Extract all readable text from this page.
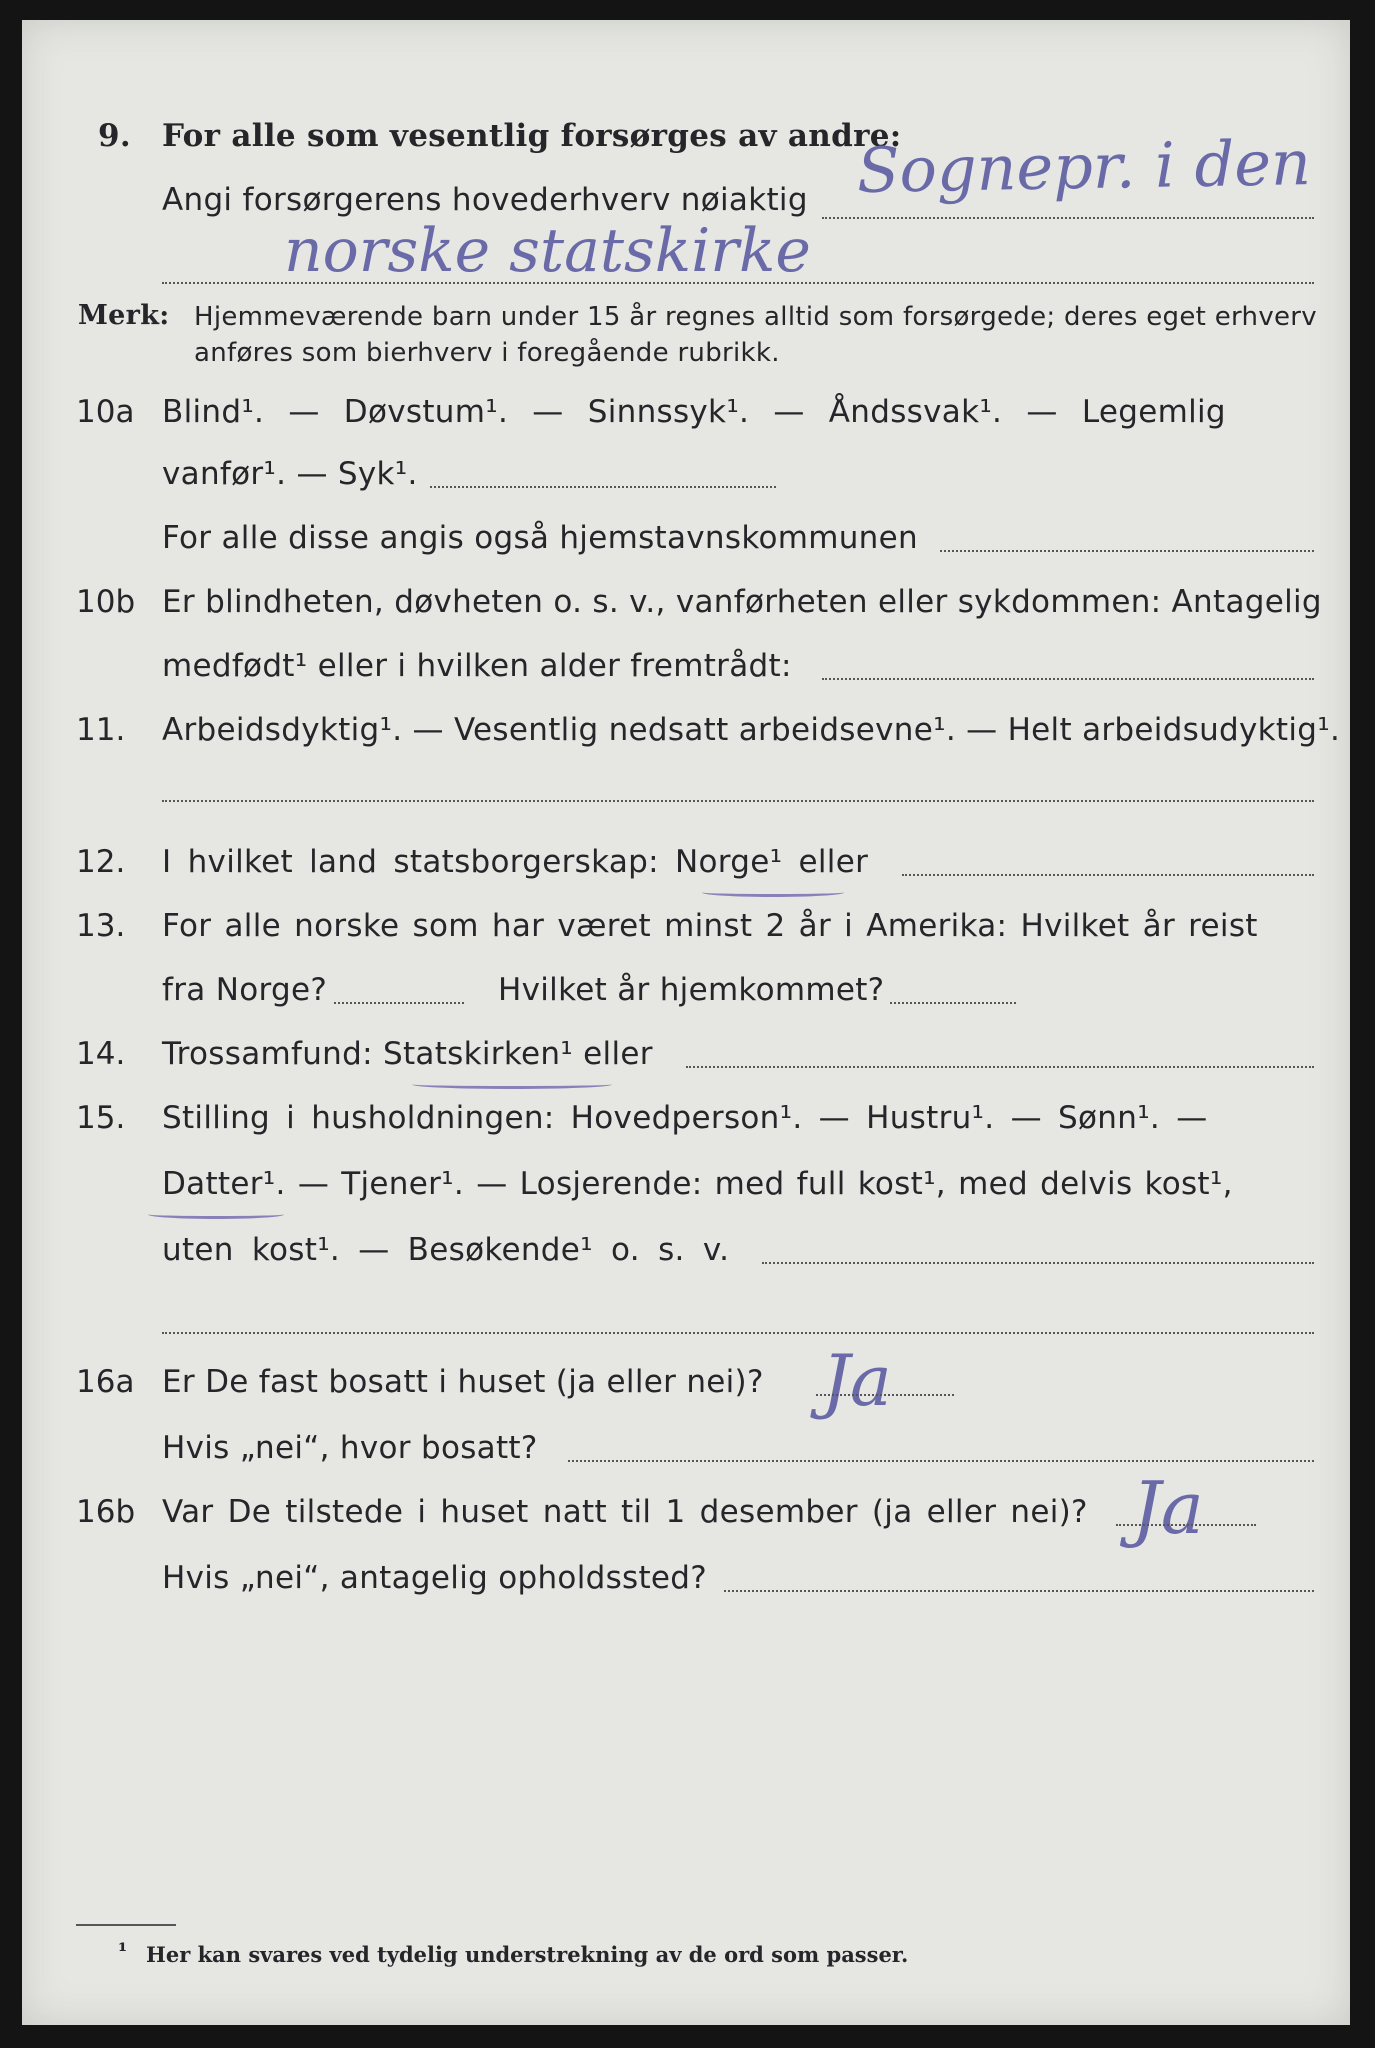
9. For alle som vesentlig forsørges av andre:
Sognepr. i den
Angi forsørgerens hovederhverv nøiaktig
norske statskirke
Merk: Hjemmeværende barn under 15 år regnes alltid som forsørgede; deres eget erhverv
anføres som bierhverv i foregående rubrikk.
10a Blind¹. — Døvstum¹. — Sinnssyk¹. — Åndssvak¹. — Legemlig
vanfør¹. — Syk¹.
For alle disse angis også hjemstavnskommunen
10b Er blindheten, døvheten o. s. v., vanførheten eller sykdommen: Antagelig
medfødt¹ eller i hvilken alder fremtrådt:
11. Arbeidsdyktig¹. — Vesentlig nedsatt arbeidsevne¹. — Helt arbeidsudyktig¹.
12. I hvilket land statsborgerskap: Norge¹ eller
13. For alle norske som har været minst 2 år i Amerika: Hvilket år reist
fra Norge?	Hvilket år hjemkommet?
14. Trossamfund: Statskirken¹ eller
15. Stilling i husholdningen: Hovedperson¹. — Hustru¹. — Sønn¹. —
Datter¹. — Tjener¹. — Losjerende: med full kost¹, med delvis kost¹,
uten kost¹. — Besøkende¹ o. s. v.
16a Er De fast bosatt i huset (ja eller nei)? Ja
Hvis „nei“, hvor bosatt?
16b Var De tilstede i huset natt til 1 desember (ja eller nei)? Ja
Hvis „nei“, antagelig opholdssted?
¹ Her kan svares ved tydelig understrekning av de ord som passer.
